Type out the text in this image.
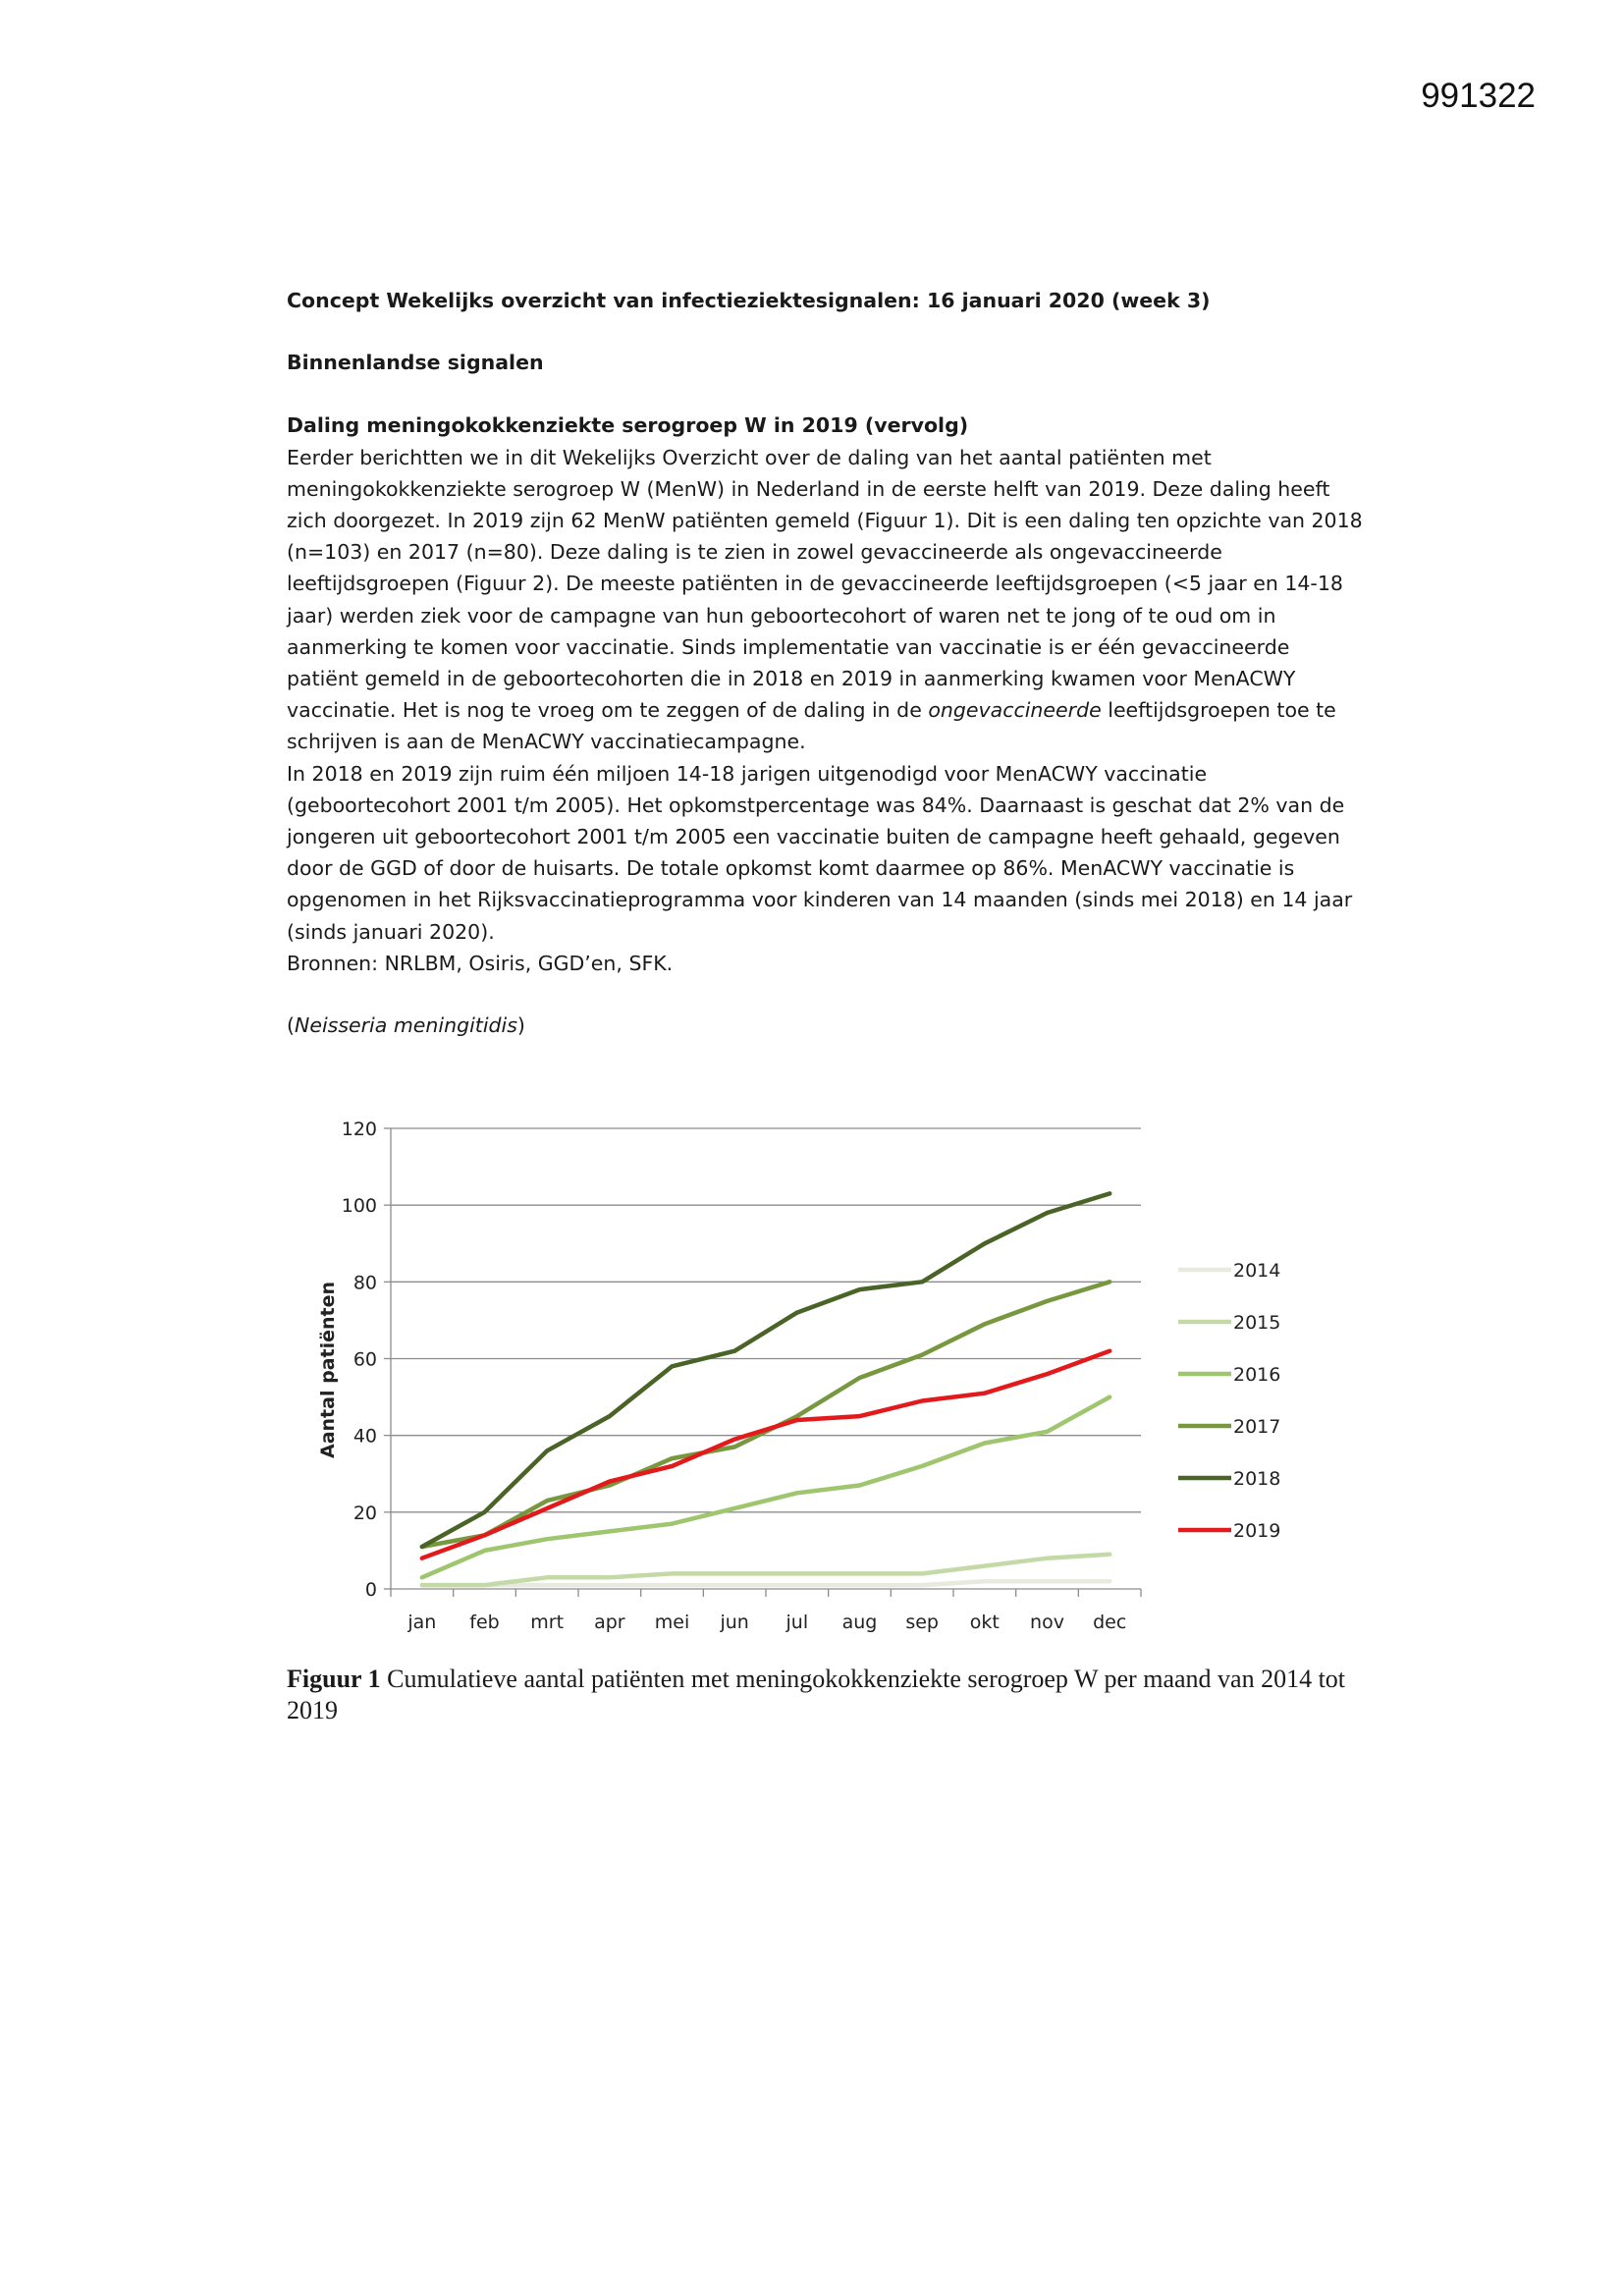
991322
Concept Wekelijks overzicht van infectieziektesignalen: 16 januari 2020 (week 3)
Binnenlandse signalen
Daling meningokokkenziekte serogroep W in 2019 (vervolg)

Eerder berichtten we in dit Wekelijks Overzicht over de daling van het aantal patiënten met meningokokkenziekte serogroep W (MenW) in Nederland in de eerste helft van 2019. Deze daling heeft zich doorgezet. In 2019 zijn 62 MenW patiënten gemeld (Figuur 1). Dit is een daling ten opzichte van 2018 (n=103) en 2017 (n=80). Deze daling is te zien in zowel gevaccineerde als ongevaccineerde leeftijdsgroepen (Figuur 2). De meeste patiënten in de gevaccineerde leeftijdsgroepen (<5 jaar en 14-18 jaar) werden ziek voor de campagne van hun geboortecohort of waren net te jong of te oud om in aanmerking te komen voor vaccinatie. Sinds implementatie van vaccinatie is er één gevaccineerde patiënt gemeld in de geboortecohorten die in 2018 en 2019 in aanmerking kwamen voor MenACWY vaccinatie. Het is nog te vroeg om te zeggen of de daling in de ongevaccineerde leeftijdsgroepen toe te schrijven is aan de MenACWY vaccinatiecampagne.

In 2018 en 2019 zijn ruim één miljoen 14-18 jarigen uitgenodigd voor MenACWY vaccinatie (geboortecohort 2001 t/m 2005). Het opkomstpercentage was 84%. Daarnaast is geschat dat 2% van de jongeren uit geboortecohort 2001 t/m 2005 een vaccinatie buiten de campagne heeft gehaald, gegeven door de GGD of door de huisarts. De totale opkomst komt daarmee op 86%. MenACWY vaccinatie is opgenomen in het Rijksvaccinatieprogramma voor kinderen van 14 maanden (sinds mei 2018) en 14 jaar (sinds januari 2020).

Bronnen: NRLBM, Osiris, GGD’en, SFK.

(Neisseria meningitidis)
0
20
40
60
80
100
120
jan feb mrt apr mei jun jul aug sep okt nov dec
2014
2015
2016
2017
2018
2019
Aantal patiënten
Figuur 1 Cumulatieve aantal patiënten met meningokokkenziekte serogroep W per maand van 2014 tot 2019
